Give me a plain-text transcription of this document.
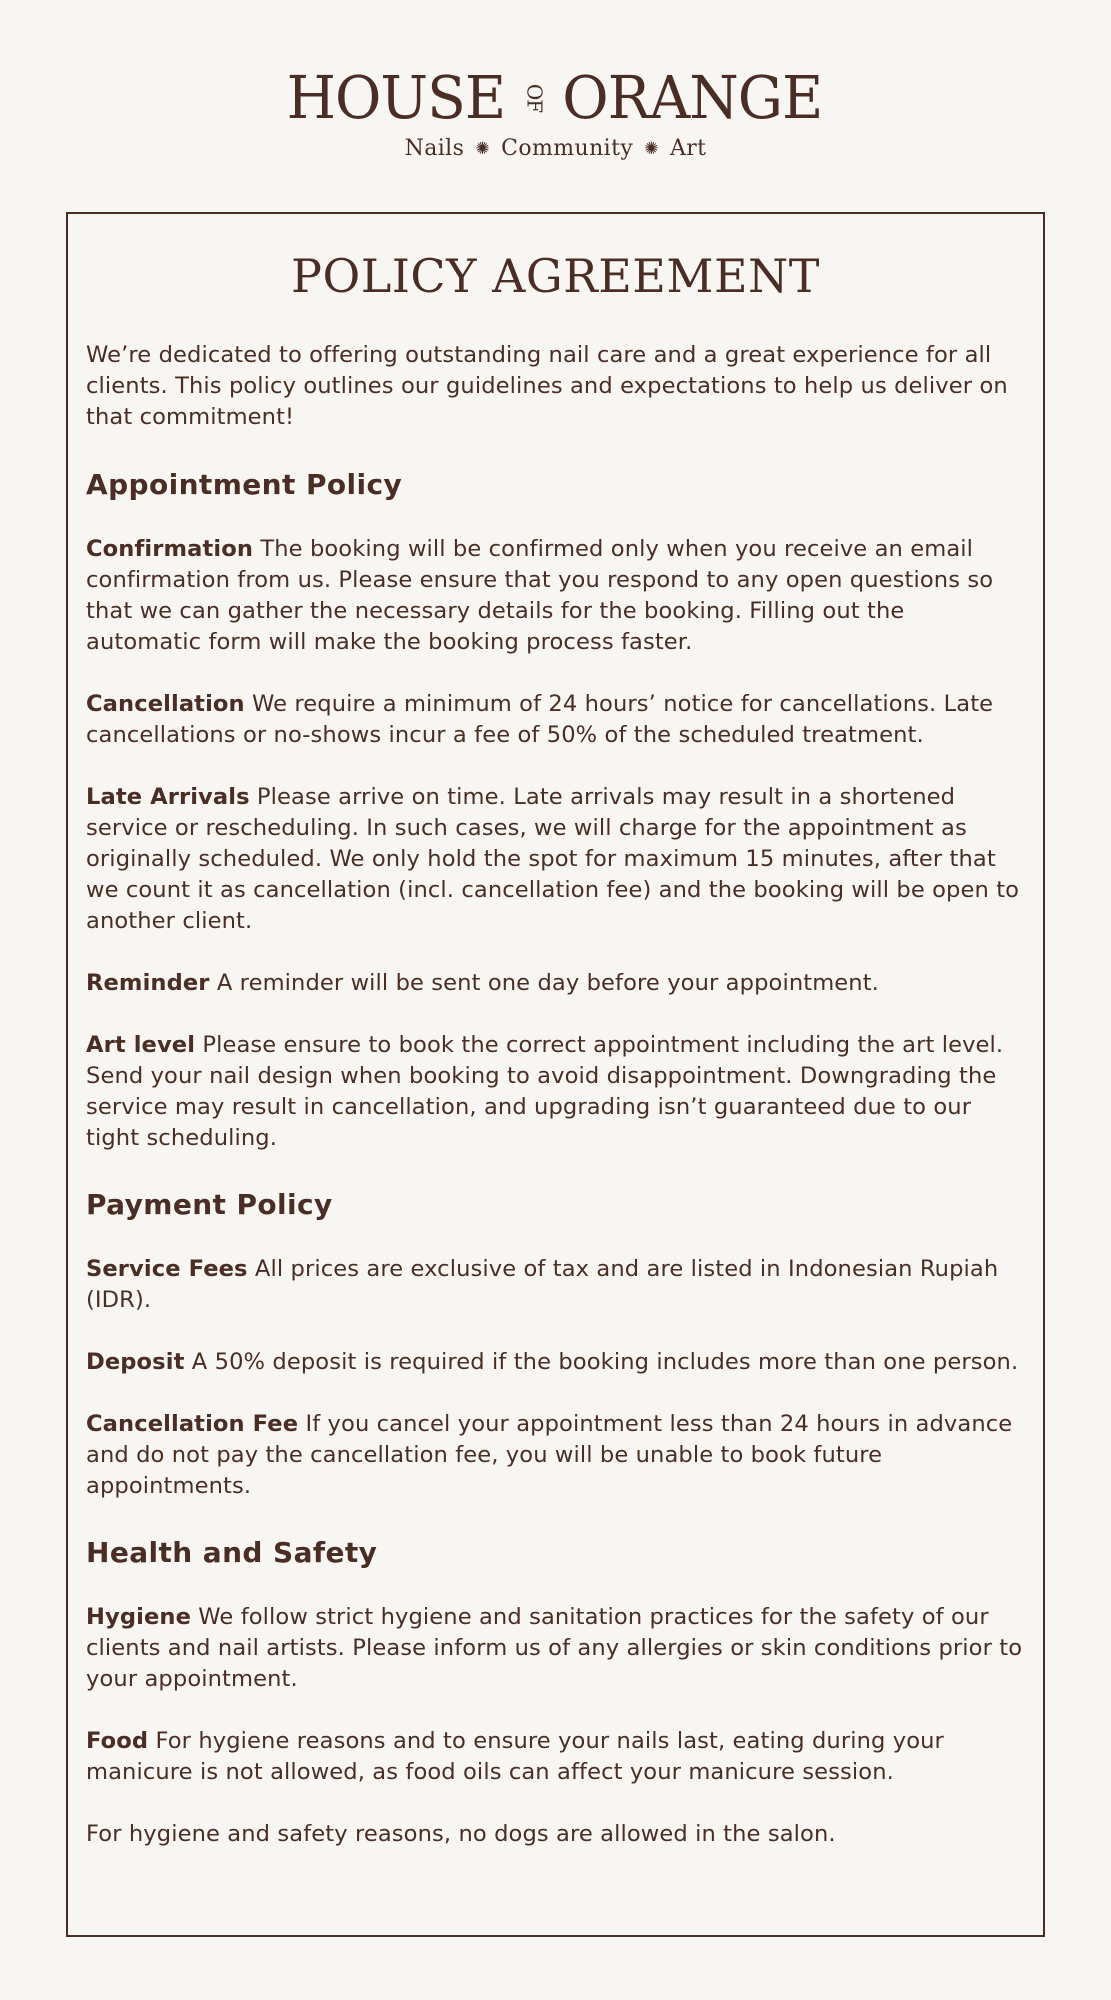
HOUSE OF ORANGE
Nails ✺ Community ✺ Art
POLICY AGREEMENT

We’re dedicated to offering outstanding nail care and a great experience for all clients. This policy outlines our guidelines and expectations to help us deliver on that commitment!

Appointment Policy

Confirmation The booking will be confirmed only when you receive an email confirmation from us. Please ensure that you respond to any open questions so that we can gather the necessary details for the booking. Filling out the automatic form will make the booking process faster.

Cancellation We require a minimum of 24 hours’ notice for cancellations. Late cancellations or no-shows incur a fee of 50% of the scheduled treatment.

Late Arrivals Please arrive on time. Late arrivals may result in a shortened service or rescheduling. In such cases, we will charge for the appointment as originally scheduled. We only hold the spot for maximum 15 minutes, after that we count it as cancellation (incl. cancellation fee) and the booking will be open to another client.

Reminder A reminder will be sent one day before your appointment.

Art level Please ensure to book the correct appointment including the art level. Send your nail design when booking to avoid disappointment. Downgrading the service may result in cancellation, and upgrading isn’t guaranteed due to our tight scheduling.

Payment Policy

Service Fees All prices are exclusive of tax and are listed in Indonesian Rupiah (IDR).

Deposit A 50% deposit is required if the booking includes more than one person.

Cancellation Fee If you cancel your appointment less than 24 hours in advance and do not pay the cancellation fee, you will be unable to book future appointments.

Health and Safety

Hygiene We follow strict hygiene and sanitation practices for the safety of our clients and nail artists. Please inform us of any allergies or skin conditions prior to your appointment.

Food For hygiene reasons and to ensure your nails last, eating during your manicure is not allowed, as food oils can affect your manicure session.

For hygiene and safety reasons, no dogs are allowed in the salon.
